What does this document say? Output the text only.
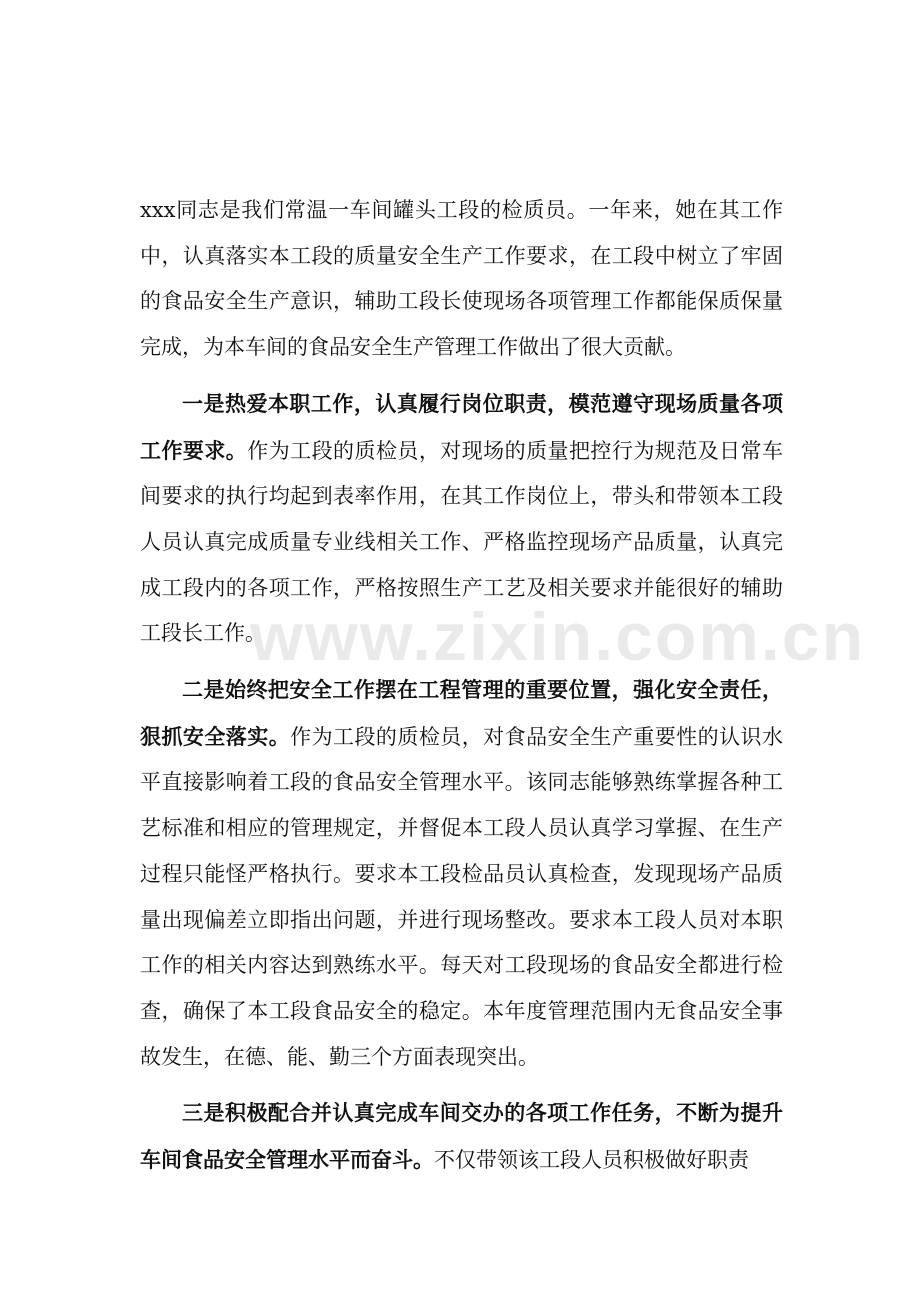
xxx同志是我们常温一车间罐头工段的检质员。一年来，她在其工作中，认真落实本工段的质量安全生产工作要求，在工段中树立了牢固的食品安全生产意识，辅助工段长使现场各项管理工作都能保质保量完成，为本车间的食品安全生产管理工作做出了很大贡献。

一是热爱本职工作，认真履行岗位职责，模范遵守现场质量各项工作要求。作为工段的质检员，对现场的质量把控行为规范及日常车间要求的执行均起到表率作用，在其工作岗位上，带头和带领本工段人员认真完成质量专业线相关工作、严格监控现场产品质量，认真完成工段内的各项工作，严格按照生产工艺及相关要求并能很好的辅助工段长工作。

二是始终把安全工作摆在工程管理的重要位置，强化安全责任，狠抓安全落实。作为工段的质检员，对食品安全生产重要性的认识水平直接影响着工段的食品安全管理水平。该同志能够熟练掌握各种工艺标准和相应的管理规定，并督促本工段人员认真学习掌握、在生产过程只能怪严格执行。要求本工段检品员认真检查，发现现场产品质量出现偏差立即指出问题，并进行现场整改。要求本工段人员对本职工作的相关内容达到熟练水平。每天对工段现场的食品安全都进行检查，确保了本工段食品安全的稳定。本年度管理范围内无食品安全事故发生，在德、能、勤三个方面表现突出。

三是积极配合并认真完成车间交办的各项工作任务，不断为提升车间食品安全管理水平而奋斗。不仅带领该工段人员积极做好职责

www.zixin.com.cn
